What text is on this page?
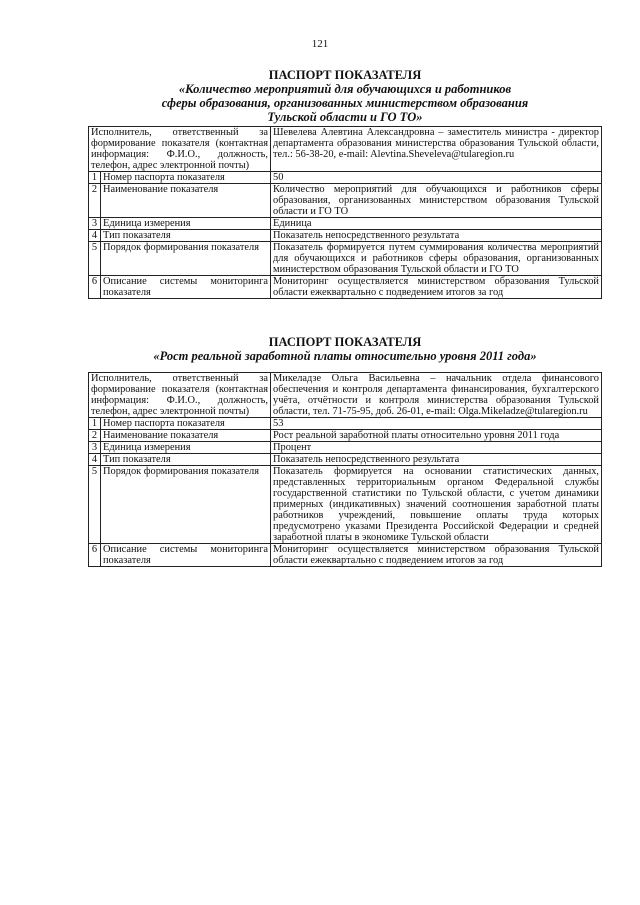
121
ПАСПОРТ ПОКАЗАТЕЛЯ
«Количество мероприятий для обучающихся и работников
сферы образования, организованных министерством образования
Тульской области и ГО ТО»
Исполнитель, ответственный за формирование показателя (контактная информация: Ф.И.О., должность, телефон, адрес электронной почты)		Шевелева Алевтина Александровна – заместитель министра - директор департамента образования министерства образования Тульской области, тел.: 56-38-20, e-mail: Alevtina.Sheveleva@tularegion.ru
1	Номер паспорта показателя	50
2	Наименование показателя	Количество мероприятий для обучающихся и работников сферы образования, организованных министерством образования Тульской области и ГО ТО
3	Единица измерения	Единица
4	Тип показателя	Показатель непосредственного результата
5	Порядок формирования показателя	Показатель формируется путем суммирования количества мероприятий для обучающихся и работников сферы образования, организованных министерством образования Тульской области и ГО ТО
6	Описание системы мониторинга показателя	Мониторинг осуществляется министерством образования Тульской области ежеквартально с подведением итогов за год
ПАСПОРТ ПОКАЗАТЕЛЯ
«Рост реальной заработной платы относительно уровня 2011 года»
Исполнитель, ответственный за формирование показателя (контактная информация: Ф.И.О., должность, телефон, адрес электронной почты)		Микеладзе Ольга Васильевна – начальник отдела финансового обеспечения и контроля департамента финансирования, бухгалтерского учёта, отчётности и контроля министерства образования Тульской области, тел. 71-75-95, доб. 26-01, e-mail: Olga.Mikeladze@tularegion.ru
1	Номер паспорта показателя	53
2	Наименование показателя	Рост реальной заработной платы относительно уровня 2011 года
3	Единица измерения	Процент
4	Тип показателя	Показатель непосредственного результата
5	Порядок формирования показателя	Показатель формируется на основании статистических данных, представленных территориальным органом Федеральной службы государственной статистики по Тульской области, с учетом динамики примерных (индикативных) значений соотношения заработной платы работников учреждений, повышение оплаты труда которых предусмотрено указами Президента Российской Федерации и средней заработной платы в экономике Тульской области
6	Описание системы мониторинга показателя	Мониторинг осуществляется министерством образования Тульской области ежеквартально с подведением итогов за год
